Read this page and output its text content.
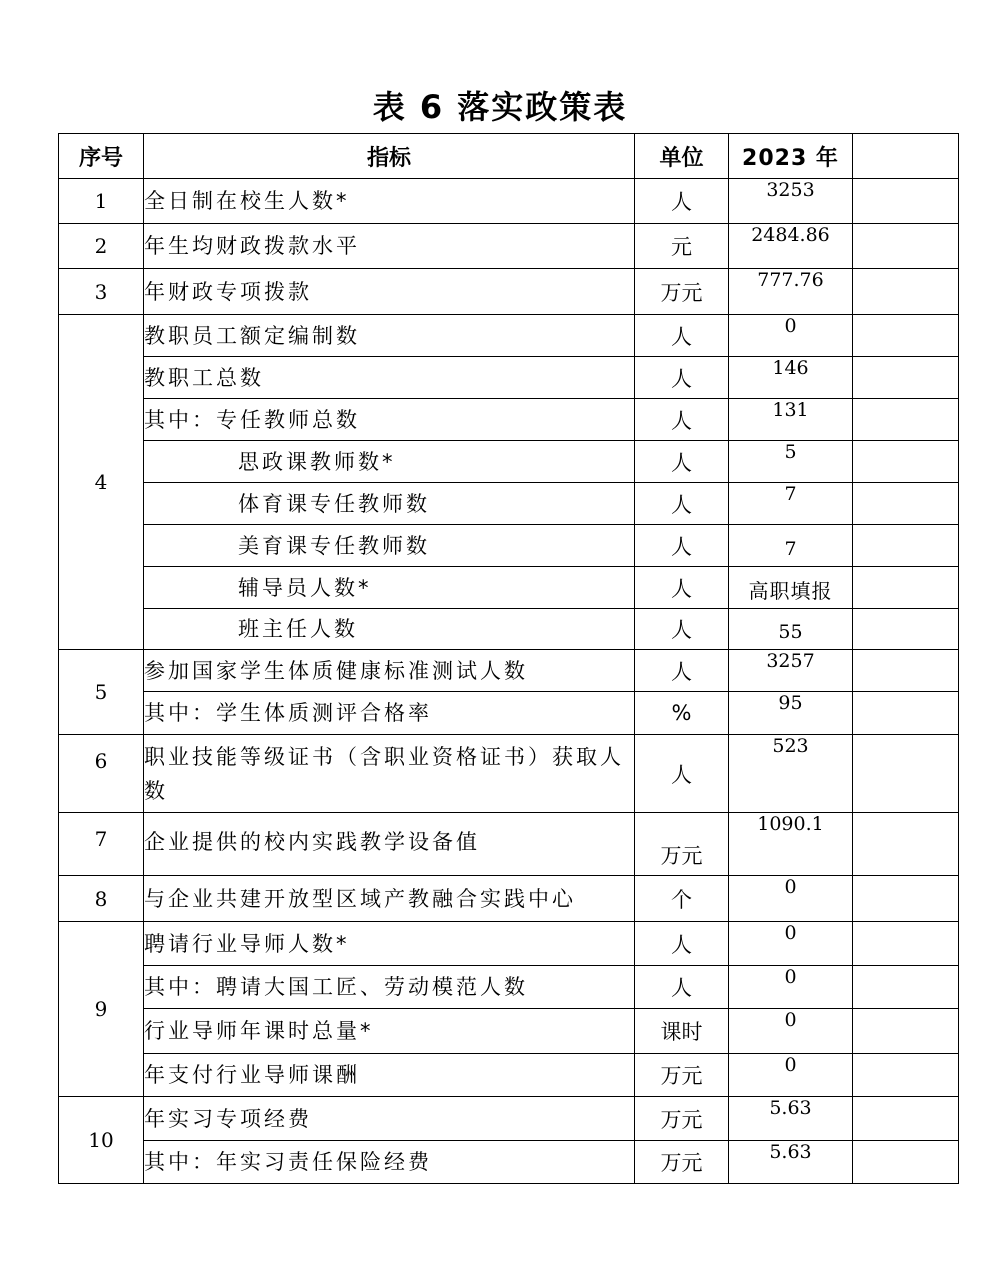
表 6 落实政策表
序号	指标	单位	2023 年	
1	全日制在校生人数*	人	3253	
2	年生均财政拨款水平	元	2484.86	
3	年财政专项拨款	万元	777.76	
4	教职员工额定编制数	人	0	
	教职工总数	人	146	
	其中：专任教师总数	人	131	
	思政课教师数*	人	5	
	体育课专任教师数	人	7	
	美育课专任教师数	人	7	
	辅导员人数*	人	高职填报	
	班主任人数	人	55	
5	参加国家学生体质健康标准测试人数	人	3257	
	其中：学生体质测评合格率	%	95	
6	职业技能等级证书（含职业资格证书）获取人数	人	523	
7	企业提供的校内实践教学设备值	万元	1090.1	
8	与企业共建开放型区域产教融合实践中心	个	0	
9	聘请行业导师人数*	人	0	
	其中：聘请大国工匠、劳动模范人数	人	0	
	行业导师年课时总量*	课时	0	
	年支付行业导师课酬	万元	0	
10	年实习专项经费	万元	5.63	
	其中：年实习责任保险经费	万元	5.63	
